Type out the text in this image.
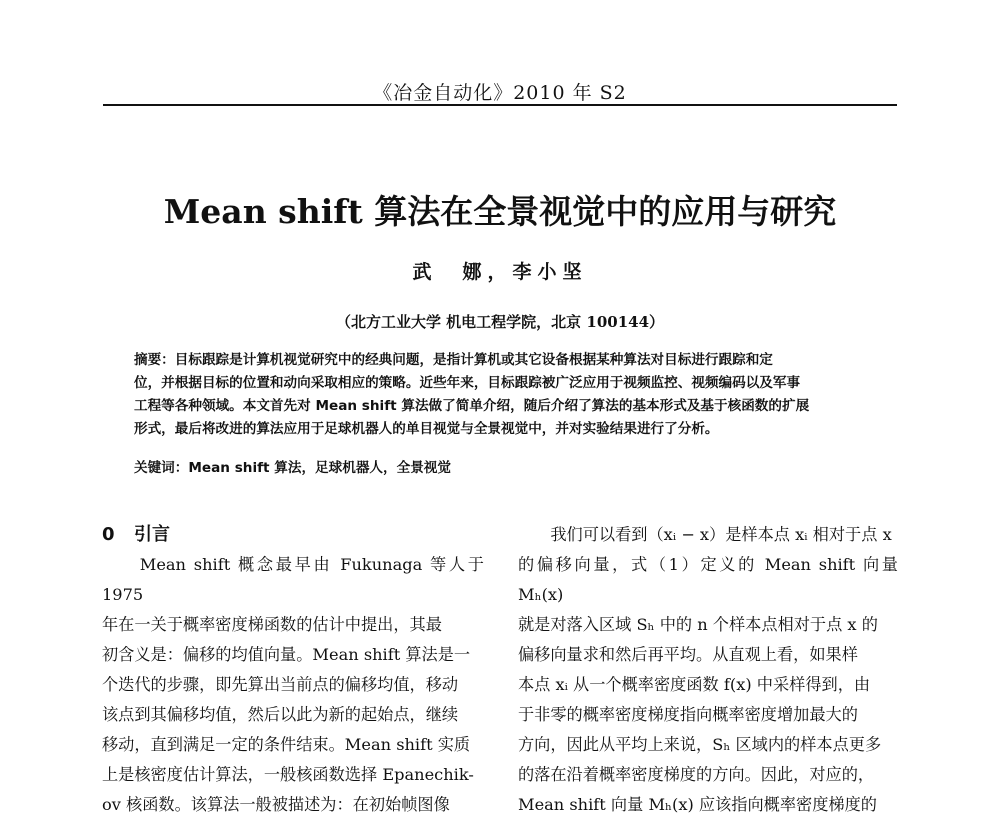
《冶金自动化》2010 年 S2
Mean shift 算法在全景视觉中的应用与研究
武　娜，李小坚
（北方工业大学 机电工程学院，北京 100144）

摘要：目标跟踪是计算机视觉研究中的经典问题，是指计算机或其它设备根据某种算法对目标进行跟踪和定

位，并根据目标的位置和动向采取相应的策略。近些年来，目标跟踪被广泛应用于视频监控、视频编码以及军事

工程等各种领域。本文首先对 Mean shift 算法做了简单介绍，随后介绍了算法的基本形式及基于核函数的扩展

形式，最后将改进的算法应用于足球机器人的单目视觉与全景视觉中，并对实验结果进行了分析。

关键词：Mean shift 算法，足球机器人，全景视觉
0 引言

　　Mean shift 概念最早由 Fukunaga 等人于 1975

年在一关于概率密度梯函数的估计中提出，其最

初含义是：偏移的均值向量。Mean shift 算法是一

个迭代的步骤，即先算出当前点的偏移均值，移动

该点到其偏移均值，然后以此为新的起始点，继续

移动，直到满足一定的条件结束。Mean shift 实质

上是核密度估计算法，一般核函数选择 Epanechik-

ov 核函数。该算法一般被描述为：在初始帧图像

　　我们可以看到（xᵢ − x）是样本点 xᵢ 相对于点 x

的偏移向量，式（1）定义的 Mean shift 向量 Mₕ(x)

就是对落入区域 Sₕ 中的 n 个样本点相对于点 x 的

偏移向量求和然后再平均。从直观上看，如果样

本点 xᵢ 从一个概率密度函数 f(x) 中采样得到，由

于非零的概率密度梯度指向概率密度增加最大的

方向，因此从平均上来说，Sₕ 区域内的样本点更多

的落在沿着概率密度梯度的方向。因此，对应的，

Mean shift 向量 Mₕ(x) 应该指向概率密度梯度的
